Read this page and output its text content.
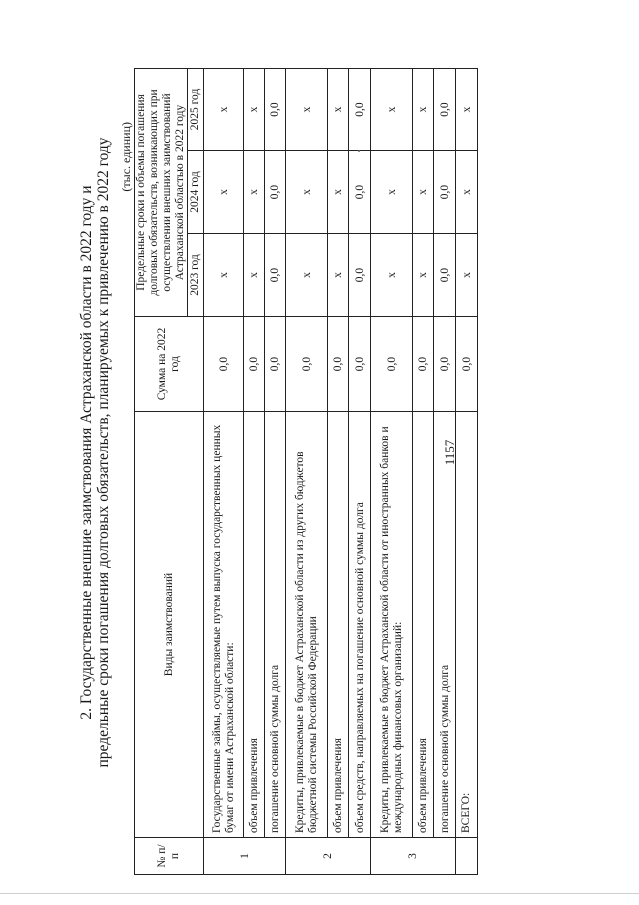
1157
2. Государственные внешние заимствования Астраханской области в 2022 году и предельные сроки погашения долговых обязательств, планируемых к привлечению в 2022 году (тыс. единиц)
№ п/п	Виды заимствований	Сумма на 2022 год	Предельные сроки и объемы погашения долговых обязательств, возникающих при осуществлении внешних заимствований Астраханской областью в 2022 году		
			2023 год	2024 год	2025 год
1	Государственные займы, осуществляемые путем выпуска государственных ценных бумаг от имени Астраханской области:	0,0	x	x	x
	объем привлечения	0,0	x	x	x
	погашение основной суммы долга	0,0	0,0	0,0	0,0
2	Кредиты, привлекаемые в бюджет Астраханской области из других бюджетов бюджетной системы Российской Федерации	0,0	x	x	x
	объем привлечения	0,0	x	x	x
	объем средств, направляемых на погашение основной суммы долга	0,0	0,0	0,0	0,0
3	Кредиты, привлекаемые в бюджет Астраханской области от иностранных банков и международных финансовых организаций:	0,0	x	x	x
	объем привлечения	0,0	x	x	x
	погашение основной суммы долга	0,0	0,0	0,0	0,0
	ВСЕГО:	0,0	x	x	x
